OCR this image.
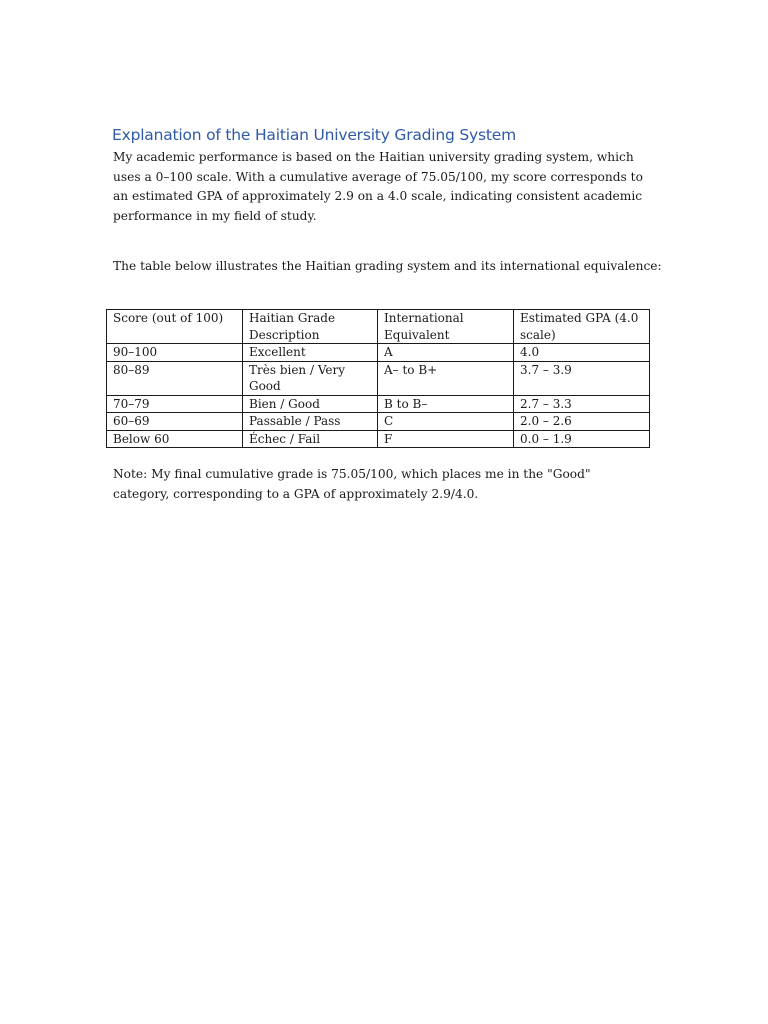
Explanation of the Haitian University Grading System

My academic performance is based on the Haitian university grading system, which uses a 0–100 scale. With a cumulative average of 75.05/100, my score corresponds to an estimated GPA of approximately 2.9 on a 4.0 scale, indicating consistent academic performance in my field of study.

The table below illustrates the Haitian grading system and its international equivalence:

Score (out of 100)	Haitian Grade Description	International Equivalent	Estimated GPA (4.0 scale)
90–100	Excellent	A	4.0
80–89	Très bien / Very Good	A– to B+	3.7 – 3.9
70–79	Bien / Good	B to B–	2.7 – 3.3
60–69	Passable / Pass	C	2.0 – 2.6
Below 60	Échec / Fail	F	0.0 – 1.9

Note: My final cumulative grade is 75.05/100, which places me in the "Good" category, corresponding to a GPA of approximately 2.9/4.0.
